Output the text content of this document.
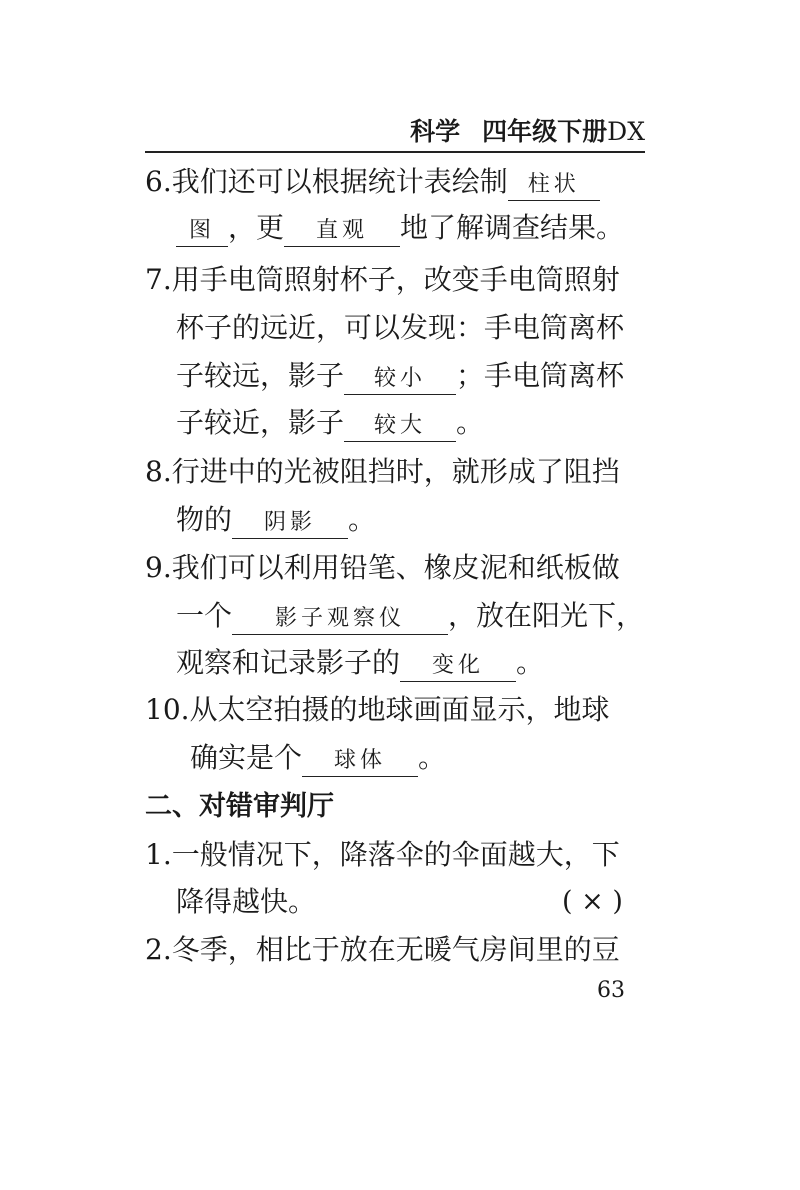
科学 四年级下册DX
6.我们还可以根据统计表绘制 柱状
图 ，更 直观 地了解调查结果。
7.用手电筒照射杯子，改变手电筒照射
杯子的远近，可以发现：手电筒离杯
子较远，影子 较小 ；手电筒离杯
子较近，影子 较大 。
8.行进中的光被阻挡时，就形成了阻挡
物的 阴影 。
9.我们可以利用铅笔、橡皮泥和纸板做
一个 影子观察仪 ，放在阳光下，
观察和记录影子的 变化 。
10.从太空拍摄的地球画面显示，地球
确实是个 球体 。
二、对错审判厅
1.一般情况下，降落伞的伞面越大，下
降得越快。	( × )
2.冬季，相比于放在无暖气房间里的豆
63
